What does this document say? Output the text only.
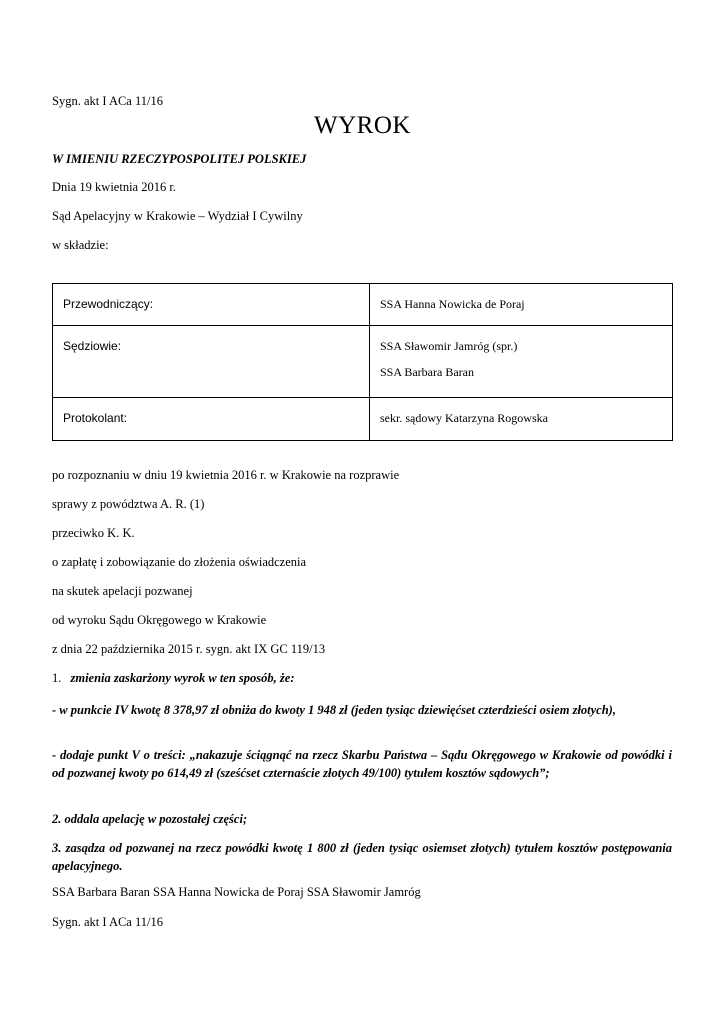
Sygn. akt I ACa 11/16
WYROK
W IMIENIU RZECZYPOSPOLITEJ POLSKIEJ
Dnia 19 kwietnia 2016 r.
Sąd Apelacyjny w Krakowie – Wydział I Cywilny
w składzie:
Przewodniczący:	SSA Hanna Nowicka de Poraj

Sędziowie:	SSA Sławomir Jamróg (spr.)
SSA Barbara Baran

Protokolant:	sekr. sądowy Katarzyna Rogowska
po rozpoznaniu w dniu 19 kwietnia 2016 r. w Krakowie na rozprawie
sprawy z powództwa A. R. (1)
przeciwko K. K.
o zapłatę i zobowiązanie do złożenia oświadczenia
na skutek apelacji pozwanej
od wyroku Sądu Okręgowego w Krakowie
z dnia 22 października 2015 r. sygn. akt IX GC 119/13
1. zmienia zaskarżony wyrok w ten sposób, że:
- w punkcie IV kwotę 8 378,97 zł obniża do kwoty 1 948 zł (jeden tysiąc dziewięćset czterdzieści osiem złotych),
- dodaje punkt V o treści: „nakazuje ściągnąć na rzecz Skarbu Państwa – Sądu Okręgowego w Krakowie od powódki i od pozwanej kwoty po 614,49 zł (sześćset czternaście złotych 49/100) tytułem kosztów sądowych”;
2. oddala apelację w pozostałej części;
3. zasądza od pozwanej na rzecz powódki kwotę 1 800 zł (jeden tysiąc osiemset złotych) tytułem kosztów postępowania apelacyjnego.
SSA Barbara Baran SSA Hanna Nowicka de Poraj SSA Sławomir Jamróg
Sygn. akt I ACa 11/16
